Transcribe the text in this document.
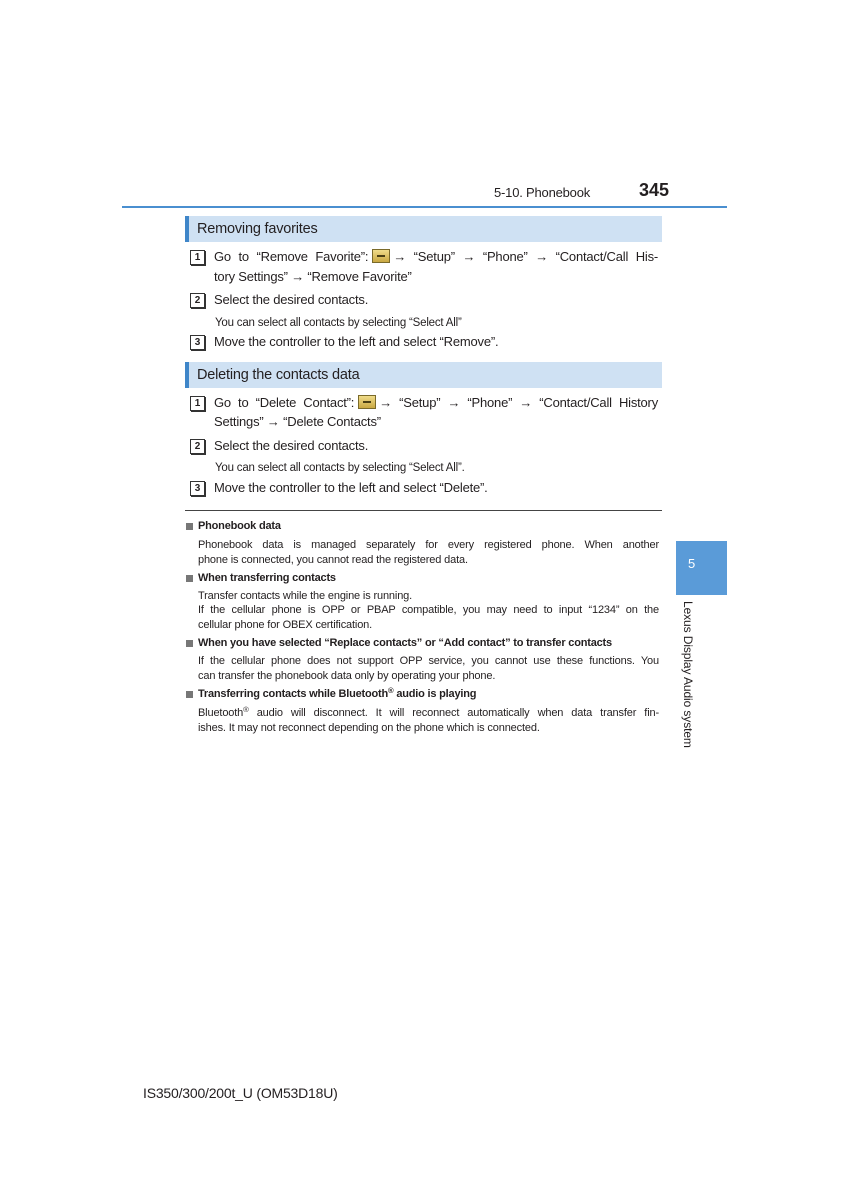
5-10. Phonebook	345
Removing favorites
1	Go to “Remove Favorite”: → “Setup” → “Phone” → “Contact/Call His-
tory Settings” → “Remove Favorite”
2	Select the desired contacts.
You can select all contacts by selecting “Select All”
3	Move the controller to the left and select “Remove”.
Deleting the contacts data
1	Go to “Delete Contact”: → “Setup” → “Phone” → “Contact/Call History
Settings” → “Delete Contacts”
2	Select the desired contacts.
You can select all contacts by selecting “Select All”.
3	Move the controller to the left and select “Delete”.
Phonebook data
Phonebook data is managed separately for every registered phone. When another
phone is connected, you cannot read the registered data.
When transferring contacts
Transfer contacts while the engine is running.
If the cellular phone is OPP or PBAP compatible, you may need to input “1234” on the
cellular phone for OBEX certification.
When you have selected “Replace contacts” or “Add contact” to transfer contacts
If the cellular phone does not support OPP service, you cannot use these functions. You
can transfer the phonebook data only by operating your phone.
Transferring contacts while Bluetooth® audio is playing
Bluetooth® audio will disconnect. It will reconnect automatically when data transfer fin-
ishes. It may not reconnect depending on the phone which is connected.
5
Lexus Display Audio system
IS350/300/200t_U (OM53D18U)
